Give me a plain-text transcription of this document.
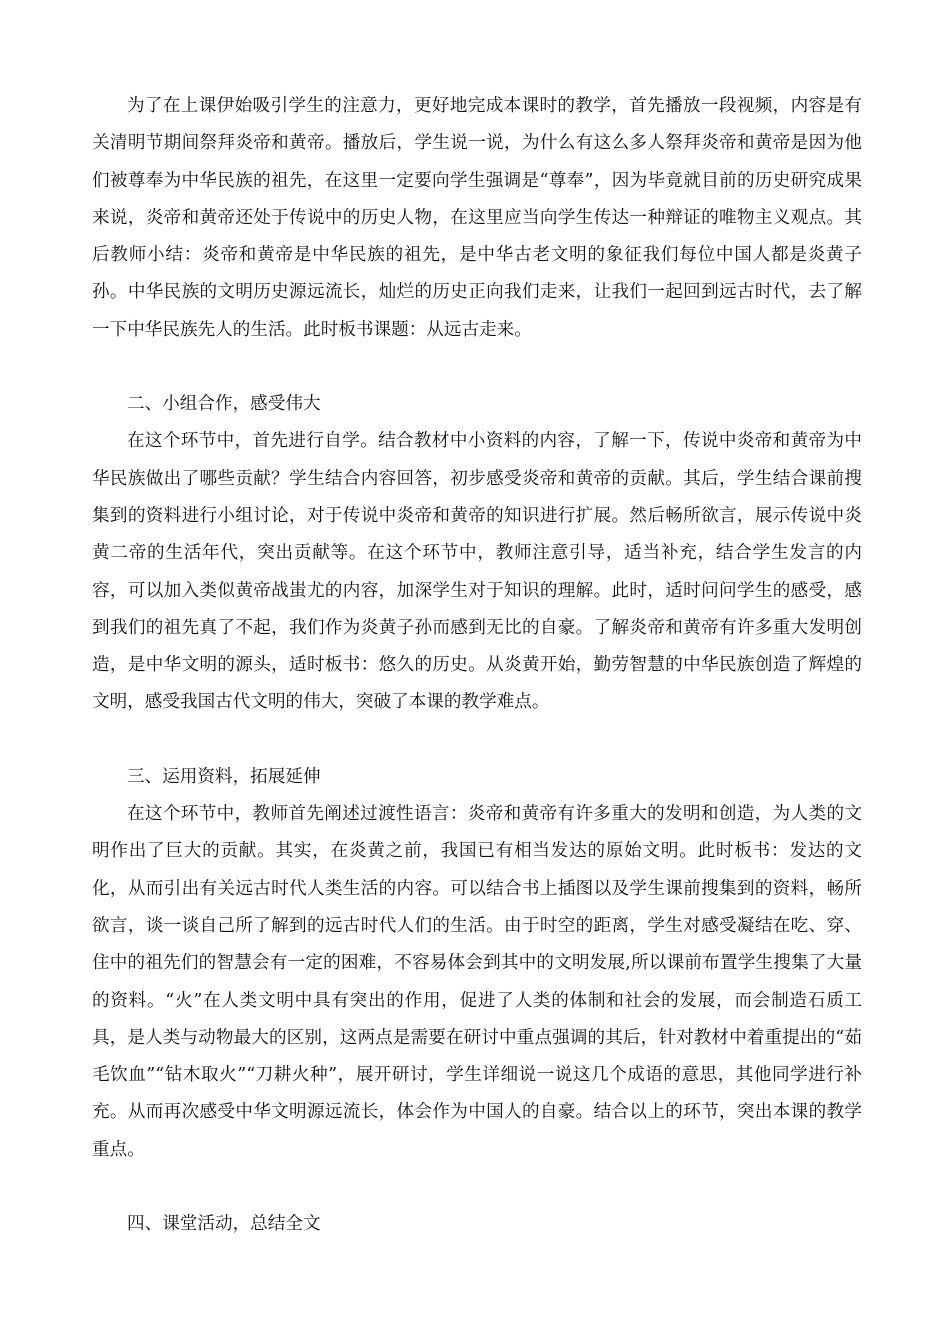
为了在上课伊始吸引学生的注意力，更好地完成本课时的教学，首先播放一段视频，内容是有关清明节期间祭拜炎帝和黄帝。播放后，学生说一说，为什么有这么多人祭拜炎帝和黄帝是因为他们被尊奉为中华民族的祖先，在这里一定要向学生强调是“尊奉”，因为毕竟就目前的历史研究成果来说，炎帝和黄帝还处于传说中的历史人物，在这里应当向学生传达一种辩证的唯物主义观点。其后教师小结：炎帝和黄帝是中华民族的祖先，是中华古老文明的象征我们每位中国人都是炎黄子孙。中华民族的文明历史源远流长，灿烂的历史正向我们走来，让我们一起回到远古时代，去了解一下中华民族先人的生活。此时板书课题：从远古走来。

二、小组合作，感受伟大

在这个环节中，首先进行自学。结合教材中小资料的内容，了解一下，传说中炎帝和黄帝为中华民族做出了哪些贡献？学生结合内容回答，初步感受炎帝和黄帝的贡献。其后，学生结合课前搜集到的资料进行小组讨论，对于传说中炎帝和黄帝的知识进行扩展。然后畅所欲言，展示传说中炎黄二帝的生活年代，突出贡献等。在这个环节中，教师注意引导，适当补充，结合学生发言的内容，可以加入类似黄帝战蚩尤的内容，加深学生对于知识的理解。此时，适时问问学生的感受，感到我们的祖先真了不起，我们作为炎黄子孙而感到无比的自豪。了解炎帝和黄帝有许多重大发明创造，是中华文明的源头，适时板书：悠久的历史。从炎黄开始，勤劳智慧的中华民族创造了辉煌的文明，感受我国古代文明的伟大，突破了本课的教学难点。

三、运用资料，拓展延伸

在这个环节中，教师首先阐述过渡性语言：炎帝和黄帝有许多重大的发明和创造，为人类的文明作出了巨大的贡献。其实，在炎黄之前，我国已有相当发达的原始文明。此时板书：发达的文化，从而引出有关远古时代人类生活的内容。可以结合书上插图以及学生课前搜集到的资料，畅所欲言，谈一谈自己所了解到的远古时代人们的生活。由于时空的距离，学生对感受凝结在吃、穿、住中的祖先们的智慧会有一定的困难，不容易体会到其中的文明发展,所以课前布置学生搜集了大量的资料。“火”在人类文明中具有突出的作用，促进了人类的体制和社会的发展，而会制造石质工具，是人类与动物最大的区别，这两点是需要在研讨中重点强调的其后，针对教材中着重提出的“茹毛饮血”“钻木取火”“刀耕火种”，展开研讨，学生详细说一说这几个成语的意思，其他同学进行补充。从而再次感受中华文明源远流长，体会作为中国人的自豪。结合以上的环节，突出本课的教学重点。

四、课堂活动，总结全文
